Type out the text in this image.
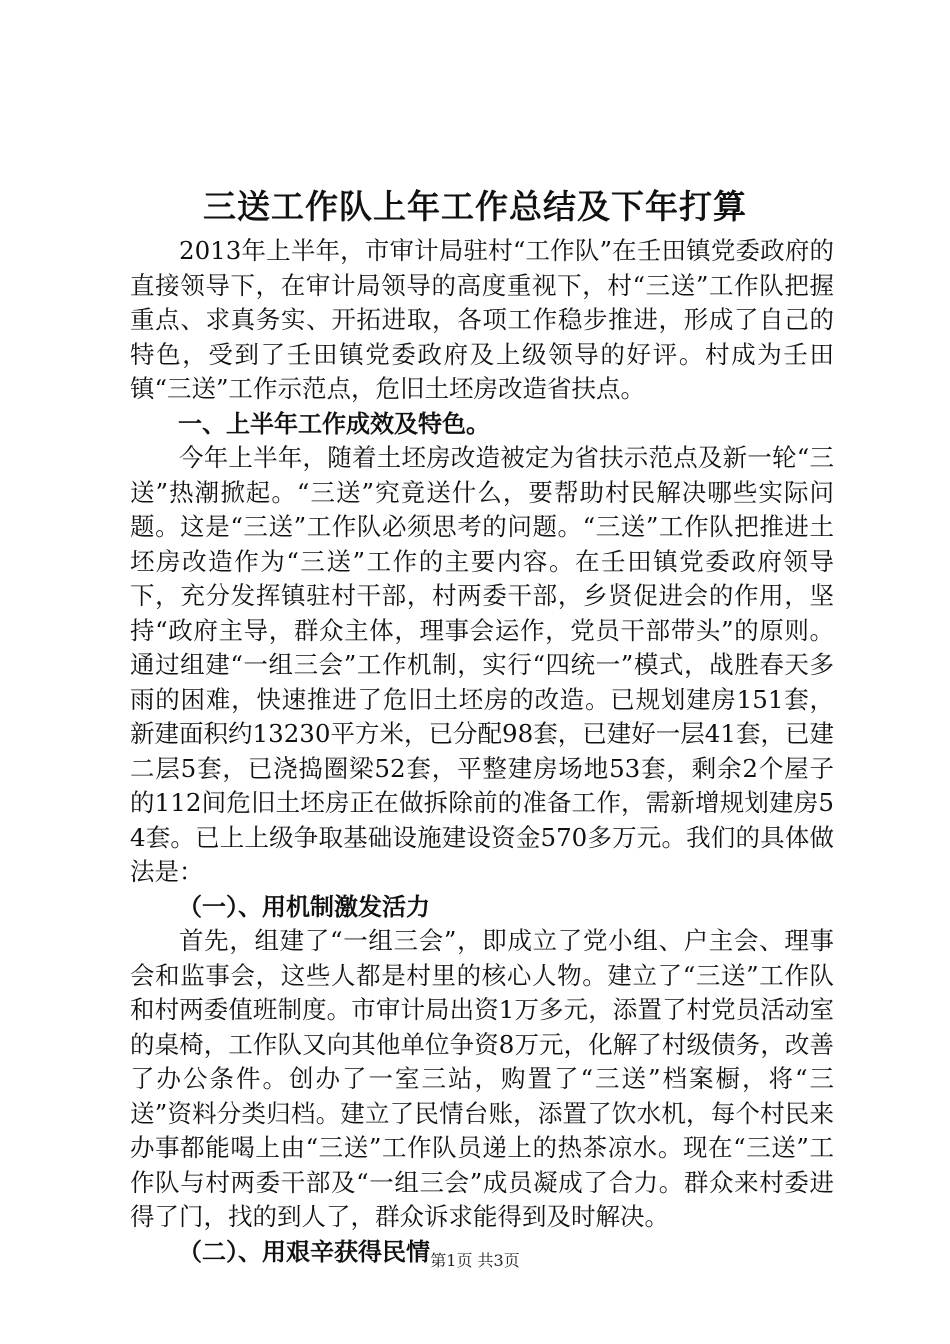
三送工作队上年工作总结及下年打算

2013年上半年，市审计局驻村“工作队”在壬田镇党委政府的直接领导下，在审计局领导的高度重视下，村“三送”工作队把握重点、求真务实、开拓进取，各项工作稳步推进，形成了自己的特色，受到了壬田镇党委政府及上级领导的好评。村成为壬田镇“三送”工作示范点，危旧土坯房改造省扶点。

一、上半年工作成效及特色。

今年上半年，随着土坯房改造被定为省扶示范点及新一轮“三送”热潮掀起。“三送”究竟送什么，要帮助村民解决哪些实际问题。这是“三送”工作队必须思考的问题。“三送”工作队把推进土坯房改造作为“三送”工作的主要内容。在壬田镇党委政府领导下，充分发挥镇驻村干部，村两委干部，乡贤促进会的作用，坚持“政府主导，群众主体，理事会运作，党员干部带头”的原则。通过组建“一组三会”工作机制，实行“四统一”模式，战胜春天多雨的困难，快速推进了危旧土坯房的改造。已规划建房151套，新建面积约13230平方米，已分配98套，已建好一层41套，已建二层5套，已浇捣圈梁52套，平整建房场地53套，剩余2个屋子的112间危旧土坯房正在做拆除前的准备工作，需新增规划建房54套。已上上级争取基础设施建设资金570多万元。我们的具体做法是：

（一）、用机制激发活力

首先，组建了“一组三会”，即成立了党小组、户主会、理事会和监事会，这些人都是村里的核心人物。建立了“三送”工作队和村两委值班制度。市审计局出资1万多元，添置了村党员活动室的桌椅，工作队又向其他单位争资8万元，化解了村级债务，改善了办公条件。创办了一室三站，购置了“三送”档案橱，将“三送”资料分类归档。建立了民情台账，添置了饮水机，每个村民来办事都能喝上由“三送”工作队员递上的热茶凉水。现在“三送”工作队与村两委干部及“一组三会”成员凝成了合力。群众来村委进得了门，找的到人了，群众诉求能得到及时解决。

（二）、用艰辛获得民情 第1页 共3页
